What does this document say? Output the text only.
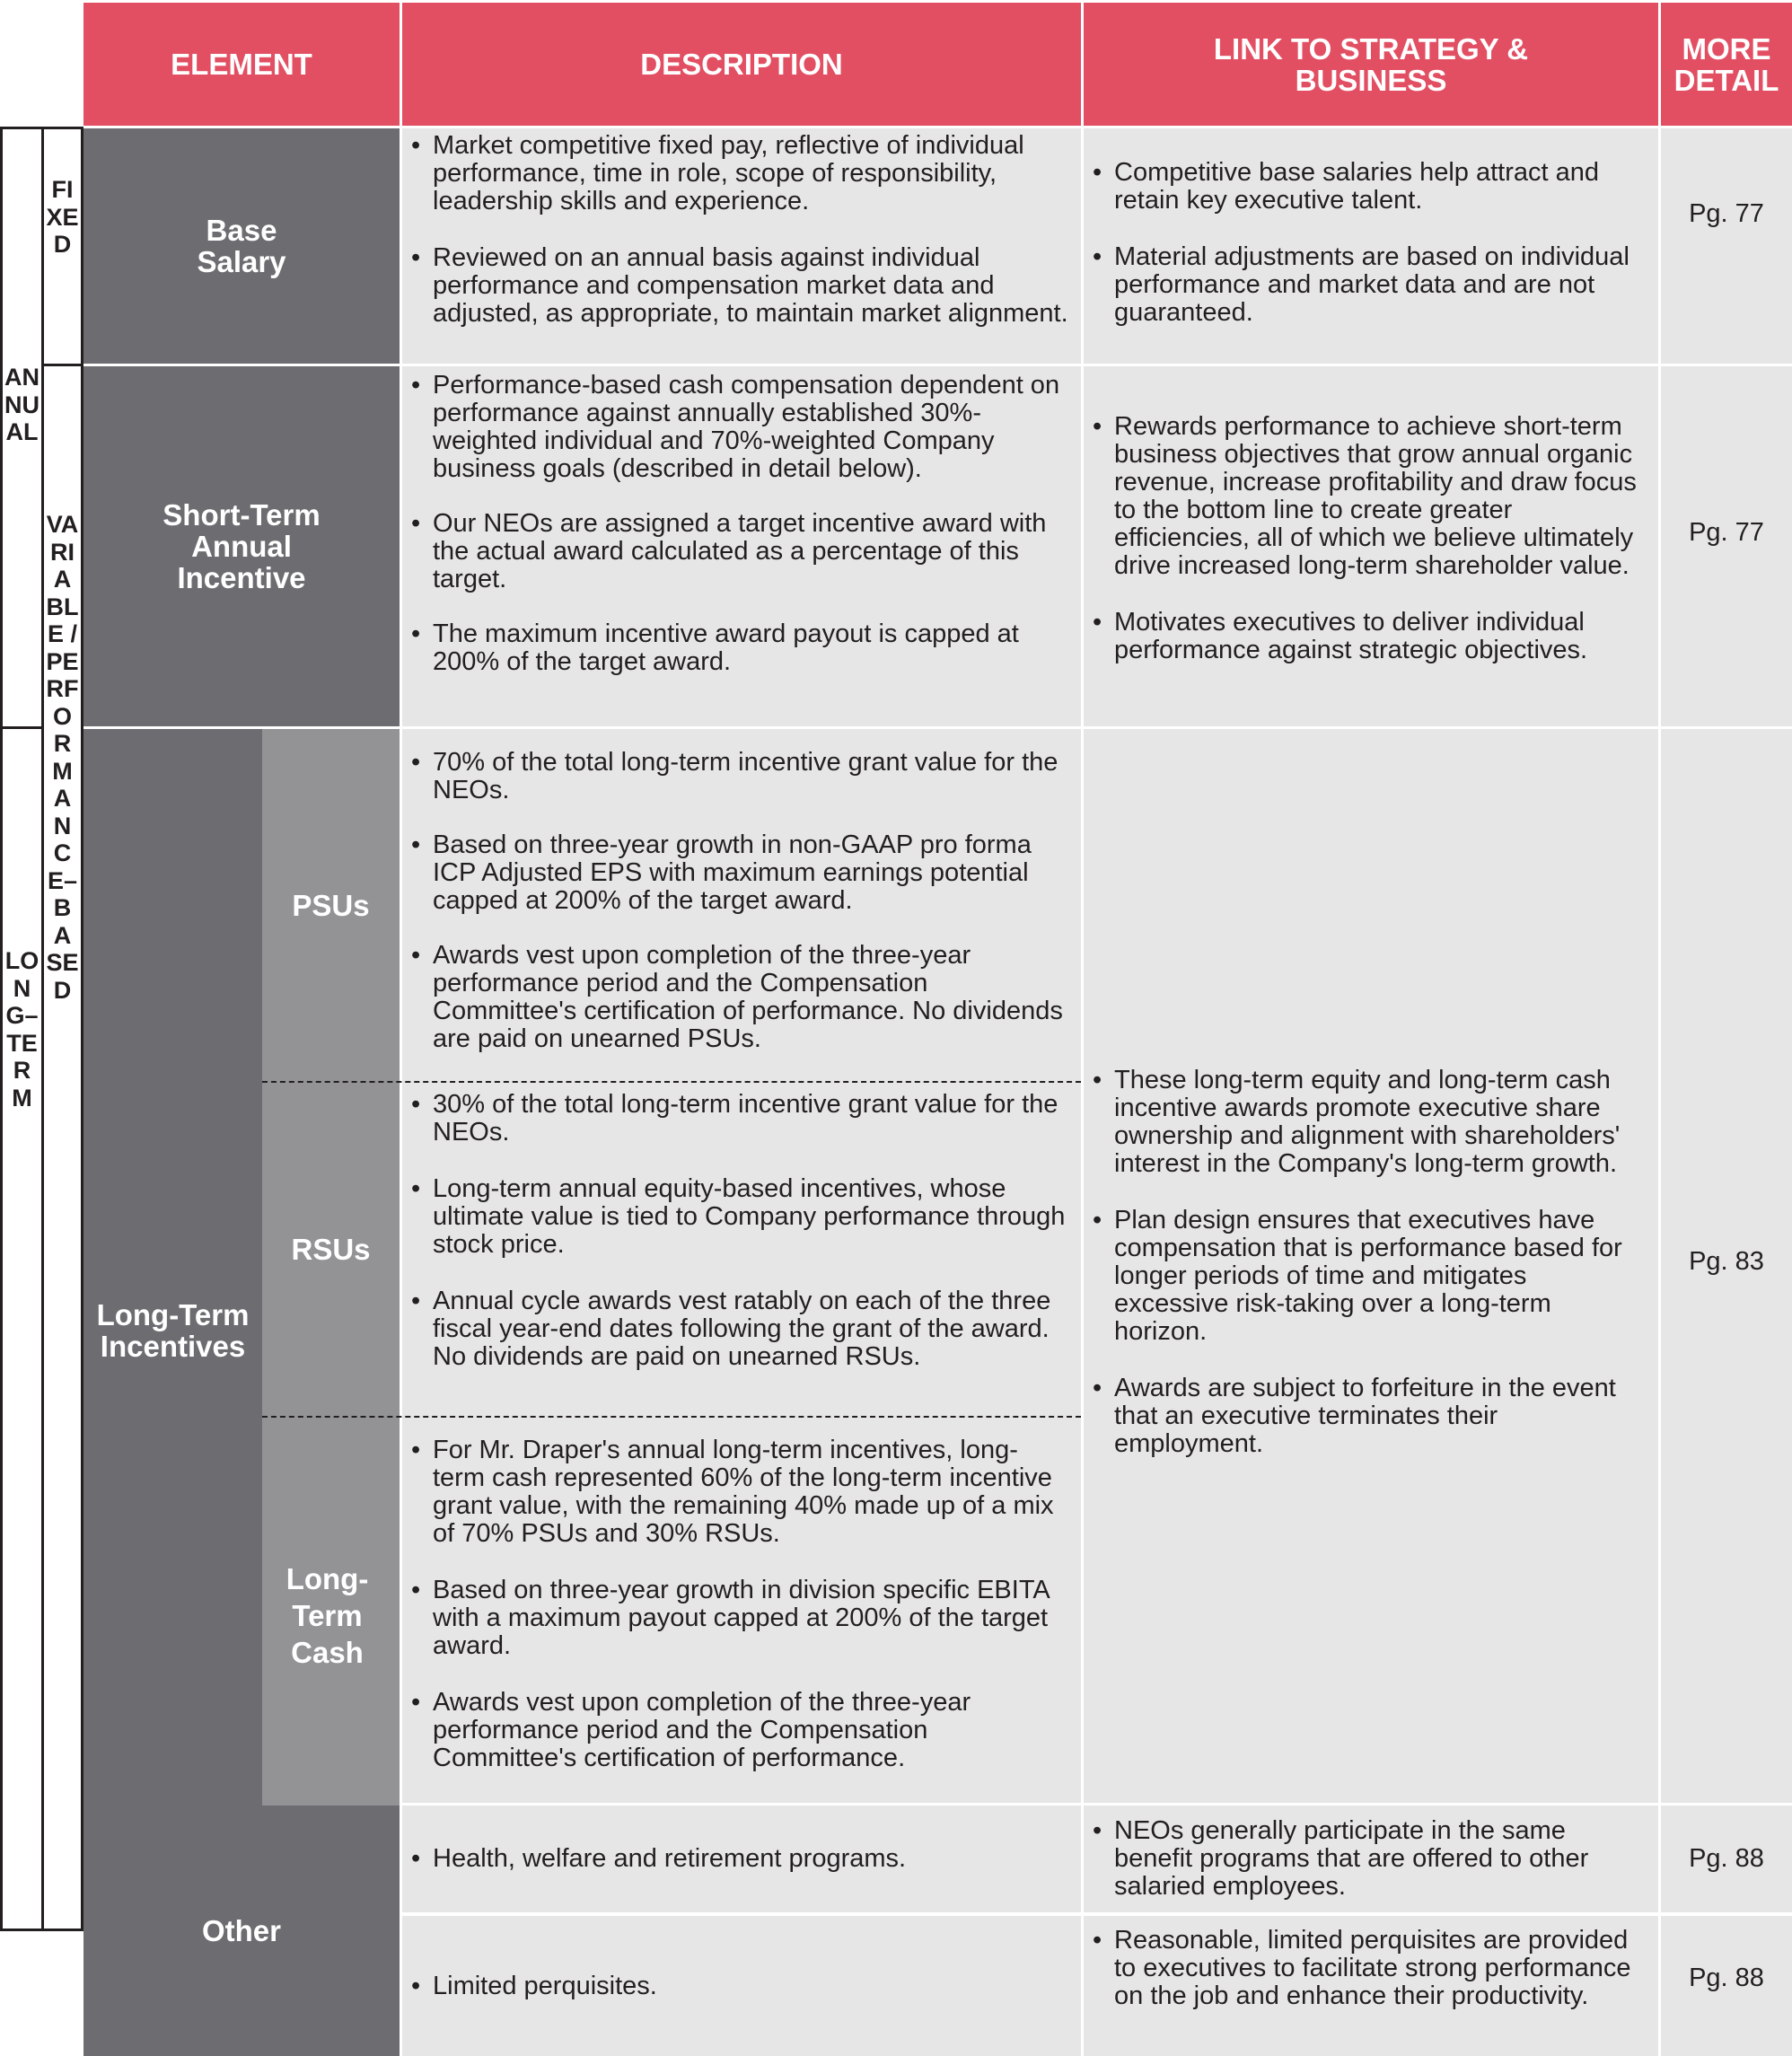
ELEMENT	DESCRIPTION	LINK TO STRATEGY & BUSINESS
MORE DETAIL
ANNUAL
LONG–TERM
FIXED
VARIABLE / PERFORMANCE–BASED
Base Salary
• Market competitive fixed pay, reflective of individual performance, time in role, scope of responsibility, leadership skills and experience.
• Reviewed on an annual basis against individual performance and compensation market data and adjusted, as appropriate, to maintain market alignment.
• Competitive base salaries help attract and retain key executive talent.
• Material adjustments are based on individual performance and market data and are not guaranteed.
Pg. 77
Short-Term Annual Incentive
• Performance-based cash compensation dependent on performance against annually established 30%-weighted individual and 70%-weighted Company business goals (described in detail below).
• Our NEOs are assigned a target incentive award with the actual award calculated as a percentage of this target.
• The maximum incentive award payout is capped at 200% of the target award.
• Rewards performance to achieve short-term business objectives that grow annual organic revenue, increase profitability and draw focus to the bottom line to create greater efficiencies, all of which we believe ultimately drive increased long-term shareholder value.
• Motivates executives to deliver individual performance against strategic objectives.
Pg. 77
Long-Term Incentives
PSUs
RSUs
Long-Term Cash
• 70% of the total long-term incentive grant value for the NEOs.
• Based on three-year growth in non-GAAP pro forma ICP Adjusted EPS with maximum earnings potential capped at 200% of the target award.
• Awards vest upon completion of the three-year performance period and the Compensation Committee's certification of performance. No dividends are paid on unearned PSUs.
• 30% of the total long-term incentive grant value for the NEOs.
• Long-term annual equity-based incentives, whose ultimate value is tied to Company performance through stock price.
• Annual cycle awards vest ratably on each of the three fiscal year-end dates following the grant of the award. No dividends are paid on unearned RSUs.
• For Mr. Draper's annual long-term incentives, long-term cash represented 60% of the long-term incentive grant value, with the remaining 40% made up of a mix of 70% PSUs and 30% RSUs.
• Based on three-year growth in division specific EBITA with a maximum payout capped at 200% of the target award.
• Awards vest upon completion of the three-year performance period and the Compensation Committee's certification of performance.
• These long-term equity and long-term cash incentive awards promote executive share ownership and alignment with shareholders' interest in the Company's long-term growth.
• Plan design ensures that executives have compensation that is performance based for longer periods of time and mitigates excessive risk-taking over a long-term horizon.
• Awards are subject to forfeiture in the event that an executive terminates their employment.
Pg. 83
Other
• Health, welfare and retirement programs.
• NEOs generally participate in the same benefit programs that are offered to other salaried employees.
Pg. 88
• Limited perquisites.
• Reasonable, limited perquisites are provided to executives to facilitate strong performance on the job and enhance their productivity.
Pg. 88
